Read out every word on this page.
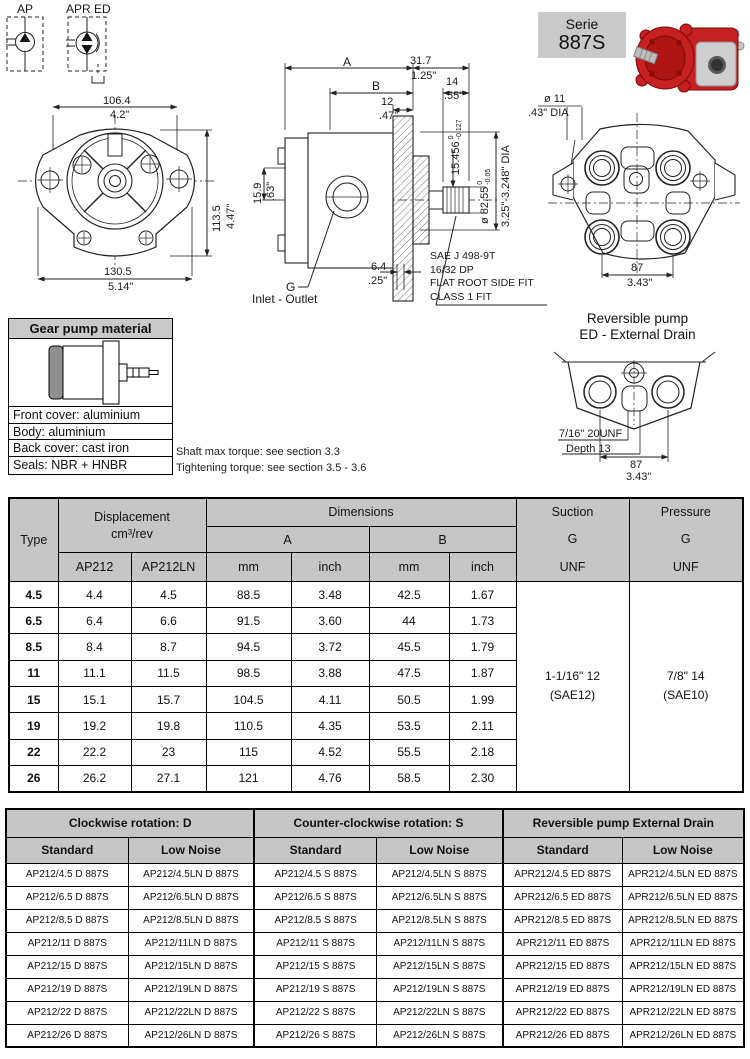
AP	APR ED
106.4
4.2"
113.5 4.47"
130.5
5.14"
A	31.7
1.25"
B	14
.55"
12
.47"
15.9 .63"
6.4
.25"
15.456
0 -0.127
ø 82.55
0 -0.05 3.25"-3.248" DIA
G
Inlet - Outlet
SAE J 498-9T
16/32 DP
FLAT ROOT SIDE FIT
CLASS 1 FIT
Serie
887S
ø 11
.43" DIA
87
3.43"
Gear pump material
Front cover: aluminium
Body: aluminium
Back cover: cast iron
Seals: NBR + HNBR
Shaft max torque: see section 3.3
Tightening torque: see section 3.5 - 3.6
Reversible pump
ED - External Drain
7/16" 20UNF
Depth 13
87
3.43"
Type	
Displacement
cm³/rev
	Dimensions	Suction
G
UNF

Pressure
G
UNF

			A		B			
	AP212	AP212LN	mm	inch	mm	inch		
4.5	4.4	4.5	88.5	3.48	42.5	1.67	
1-1/16" 12
(SAE12)

7/8" 14
(SAE10)

6.5	6.4	6.6	91.5	3.60	44	1.73		
8.5	8.4	8.7	94.5	3.72	45.5	1.79		
11	11.1	11.5	98.5	3.88	47.5	1.87		
15	15.1	15.7	104.5	4.11	50.5	1.99		
19	19.2	19.8	110.5	4.35	53.5	2.11		
22	22.2	23	115	4.52	55.5	2.18		
26	26.2	27.1	121	4.76	58.5	2.30		
Clockwise rotation: D		Counter-clockwise rotation: S		Reversible pump External Drain	
Standard	Low Noise	Standard	Low Noise	Standard	Low Noise
AP212/4.5 D 887S	AP212/4.5LN D 887S	AP212/4.5 S 887S	AP212/4.5LN S 887S	APR212/4.5 ED 887S	APR212/4.5LN ED 887S
AP212/6.5 D 887S	AP212/6.5LN D 887S	AP212/6.5 S 887S	AP212/6.5LN S 887S	APR212/6.5 ED 887S	APR212/6.5LN ED 887S
AP212/8.5 D 887S	AP212/8.5LN D 887S	AP212/8.5 S 887S	AP212/8.5LN S 887S	APR212/8.5 ED 887S	APR212/8.5LN ED 887S
AP212/11 D 887S	AP212/11LN D 887S	AP212/11 S 887S	AP212/11LN S 887S	APR212/11 ED 887S	APR212/11LN ED 887S
AP212/15 D 887S	AP212/15LN D 887S	AP212/15 S 887S	AP212/15LN S 887S	APR212/15 ED 887S	APR212/15LN ED 887S
AP212/19 D 887S	AP212/19LN D 887S	AP212/19 S 887S	AP212/19LN S 887S	APR212/19 ED 887S	APR212/19LN ED 887S
AP212/22 D 887S	AP212/22LN D 887S	AP212/22 S 887S	AP212/22LN S 887S	APR212/22 ED 887S	APR212/22LN ED 887S
AP212/26 D 887S	AP212/26LN D 887S	AP212/26 S 887S	AP212/26LN S 887S	APR212/26 ED 887S	APR212/26LN ED 887S
